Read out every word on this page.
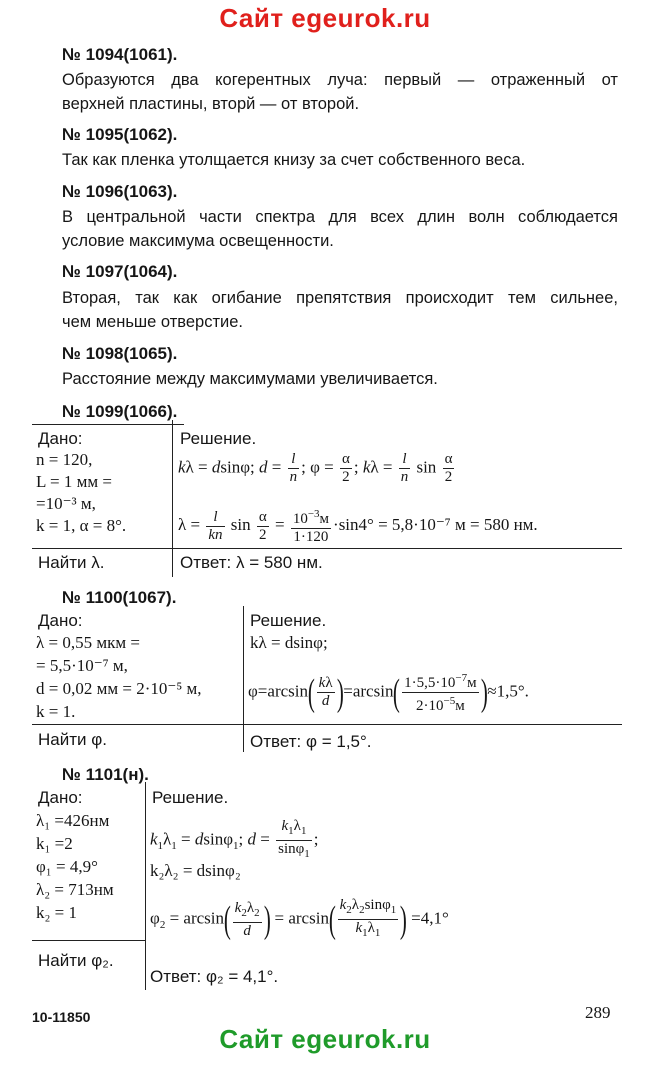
Сайт egeurok.ru
№ 1094(1061).
Образуются два когерентных луча: первый — отраженный от
верхней пластины, вторй — от второй.
№ 1095(1062).
Так как пленка утолщается книзу за счет собственного веса.
№ 1096(1063).
В центральной части спектра для всех длин волн соблюдается
условие максимума освещенности.
№ 1097(1064).
Вторая, так как огибание препятствия происходит тем сильнее,
чем меньше отверстие.
№ 1098(1065).
Расстояние между максимумами увеличивается.
№ 1099(1066).
Дано:
n = 120,
L = 1 мм =
=10⁻³ м,
k = 1, α = 8°.
Найти λ.
Решение.
kλ = dsinφ; $d = \frac{l}{n}$ ; $\varphi = \frac{\alpha}{2}$ ; $k\lambda = \frac{l}{n}$ $\sin \frac{\alpha}{2}$
$\lambda = \frac{l}{kn}$ $\sin \frac{\alpha}{2} = \frac{10^{-3}м}{1\cdot 120} \cdot\sin 4^\circ = 5,8\cdot 10^{-7}$ м = 580 нм.
Ответ: λ = 580 нм.
№ 1100(1067).
Дано:
λ = 0,55 мкм =
= 5,5·10⁻⁷ м,
d = 0,02 мм = 2·10⁻⁵ м,
k = 1.
Найти φ.
Решение.
kλ = dsinφ;
$\varphi=\arcsin( \frac{k\lambda}{d} )=\arcsin( \frac{1\cdot 5,5\cdot 10^{-7}м}{2\cdot 10^{-5}м} )\approx 1,5^\circ$.
Ответ: φ = 1,5°.
№ 1101(н).
Дано:
λ₁ =426нм
k₁ =2
φ₁ = 4,9°
λ₂ = 713нм
k₂ = 1
Найти φ₂.
Решение.
$k_1\lambda_1 = dsin\varphi_1$; $d = \frac{k_1\lambda_1}{\sin\varphi_1}$ ;
k₂λ₂ = dsinφ₂
$\varphi_2 = \arcsin( \frac{k_2\lambda_2}{d}$ ) = $\arcsin( \frac{k_2\lambda_2\sin\varphi_1}{k_1\lambda_1}$ ) =4,1°
Ответ: φ₂ = 4,1°.
10-11850	289
Сайт egeurok.ru
